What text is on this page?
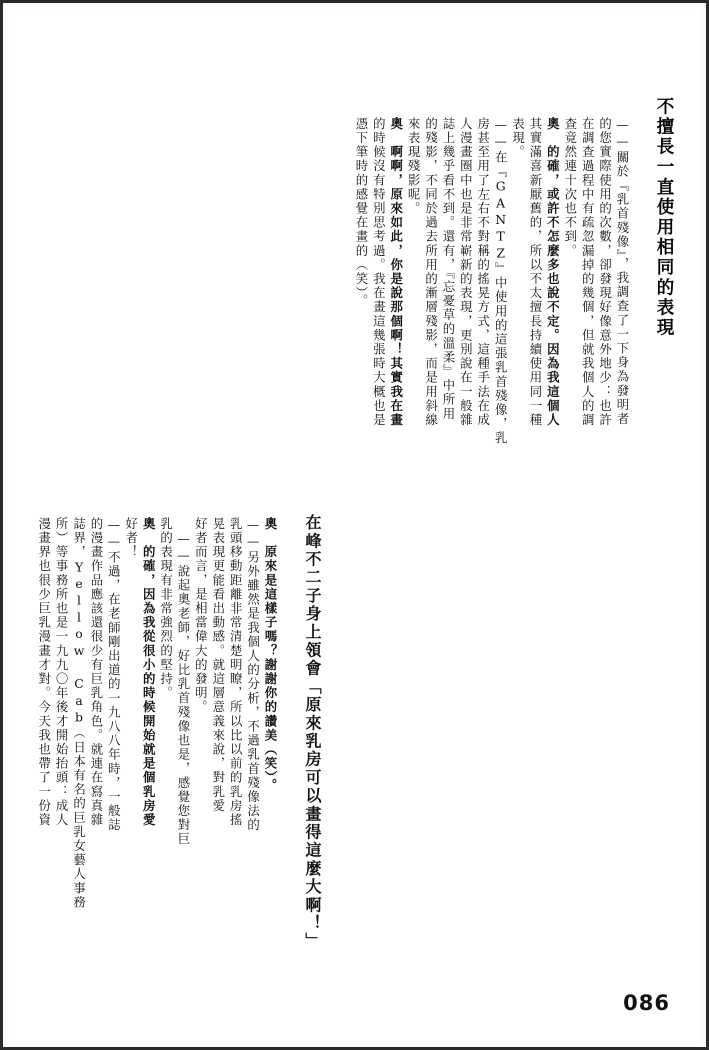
不擅長一直使用相同的表現
——關於『乳首殘像』，我調查了一下身為發明者
的您實際使用的次數，卻發現好像意外地少：也許
在調查過程中有疏忽漏掉的幾個，但就我個人的調
查竟然連十次也不到。
奧　的確，或許不怎麼多也說不定。因為我這個人
其實滿喜新厭舊的，所以不太擅長持續使用同一種
表現。
——在『GANTZ』中使用的這張乳首殘像，乳
房甚至用了左右不對稱的搖晃方式，這種手法在成
人漫畫圈中也是非常嶄新的表現，更別說在一般雜
誌上幾乎看不到。還有，『忘憂草的溫柔』中所用
的殘影，不同於過去所用的漸層殘影，而是用斜線
來表現殘影呢。
奧　啊啊，原來如此，你是說那個啊！其實我在畫
的時候沒有特別思考過。我在畫這幾張時大概也是
憑下筆時的感覺在畫的（笑）。
在峰不二子身上領會「原來乳房可以畫得這麼大啊！」
奧　原來是這樣子嗎？謝謝你的讚美（笑）。
——另外雖然是我個人的分析，不過乳首殘像法的
乳頭移動距離非常清楚明瞭，所以比以前的乳房搖
晃表現更能看出動感。就這層意義來說，對乳愛
好者而言，是相當偉大的發明。
——說起奧老師，好比乳首殘像也是，感覺您對巨
乳的表現有非常強烈的堅持。
奧　的確，因為我從很小的時候開始就是個乳房愛
好者！
——不過，在老師剛出道的一九八八年時，一般誌
的漫畫作品應該還很少有巨乳角色。就連在寫真雜
誌界，Yellow Cab（日本有名的巨乳女藝人事務
所）等事務所也是一九九〇年後才開始抬頭：成人
漫畫界也很少巨乳漫畫才對。今天我也帶了一份資
086
